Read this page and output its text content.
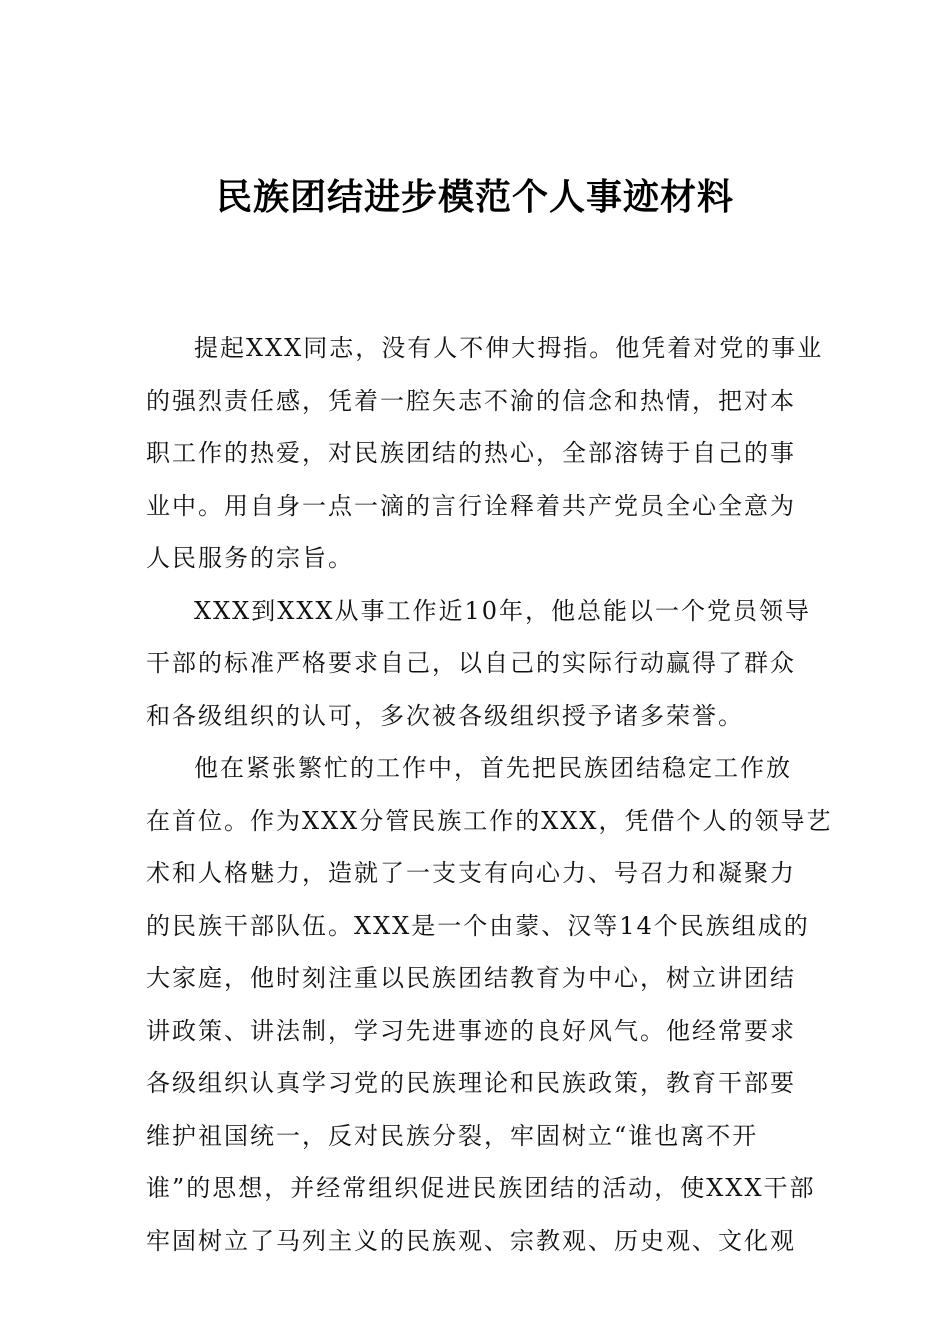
民族团结进步模范个人事迹材料

提起XXX同志，没有人不伸大拇指。他凭着对党的事业
的强烈责任感，凭着一腔矢志不渝的信念和热情，把对本
职工作的热爱，对民族团结的热心，全部溶铸于自己的事
业中。用自身一点一滴的言行诠释着共产党员全心全意为
人民服务的宗旨。

XXX到XXX从事工作近10年，他总能以一个党员领导
干部的标准严格要求自己，以自己的实际行动赢得了群众
和各级组织的认可，多次被各级组织授予诸多荣誉。

他在紧张繁忙的工作中，首先把民族团结稳定工作放
在首位。作为XXX分管民族工作的XXX，凭借个人的领导艺
术和人格魅力，造就了一支支有向心力、号召力和凝聚力
的民族干部队伍。XXX是一个由蒙、汉等14个民族组成的
大家庭，他时刻注重以民族团结教育为中心，树立讲团结
讲政策、讲法制，学习先进事迹的良好风气。他经常要求
各级组织认真学习党的民族理论和民族政策，教育干部要
维护祖国统一，反对民族分裂，牢固树立“谁也离不开
谁”的思想，并经常组织促进民族团结的活动，使XXX干部
牢固树立了马列主义的民族观、宗教观、历史观、文化观
